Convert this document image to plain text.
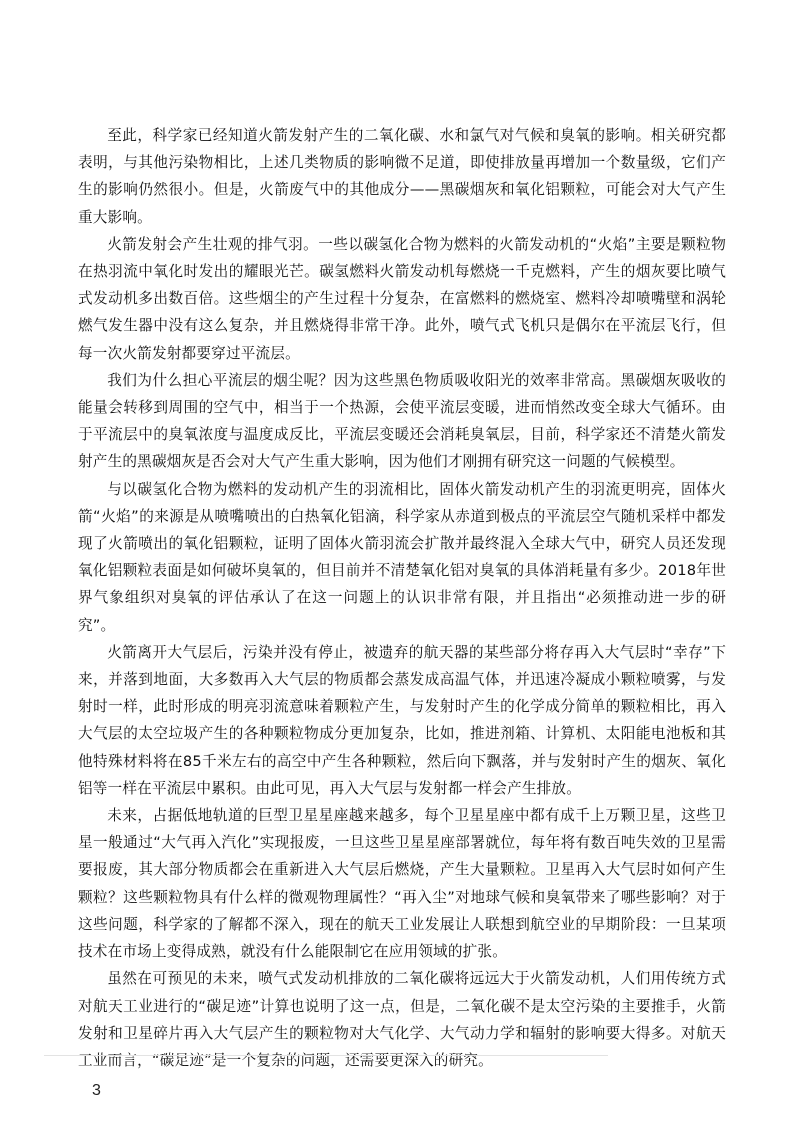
至此，科学家已经知道火箭发射产生的二氧化碳、水和氯气对气候和臭氧的影响。相关研究都表明，与其他污染物相比，上述几类物质的影响微不足道，即使排放量再增加一个数量级，它们产生的影响仍然很小。但是，火箭废气中的其他成分——黑碳烟灰和氧化铝颗粒，可能会对大气产生重大影响。

火箭发射会产生壮观的排气羽。一些以碳氢化合物为燃料的火箭发动机的“火焰”主要是颗粒物在热羽流中氧化时发出的耀眼光芒。碳氢燃料火箭发动机每燃烧一千克燃料，产生的烟灰要比喷气式发动机多出数百倍。这些烟尘的产生过程十分复杂，在富燃料的燃烧室、燃料冷却喷嘴壁和涡轮燃气发生器中没有这么复杂，并且燃烧得非常干净。此外，喷气式飞机只是偶尔在平流层飞行，但每一次火箭发射都要穿过平流层。

我们为什么担心平流层的烟尘呢？因为这些黑色物质吸收阳光的效率非常高。黑碳烟灰吸收的能量会转移到周围的空气中，相当于一个热源，会使平流层变暖，进而悄然改变全球大气循环。由于平流层中的臭氧浓度与温度成反比，平流层变暖还会消耗臭氧层，目前，科学家还不清楚火箭发射产生的黑碳烟灰是否会对大气产生重大影响，因为他们才刚拥有研究这一问题的气候模型。

与以碳氢化合物为燃料的发动机产生的羽流相比，固体火箭发动机产生的羽流更明亮，固体火箭“火焰”的来源是从喷嘴喷出的白热氧化铝滴，科学家从赤道到极点的平流层空气随机采样中都发现了火箭喷出的氧化铝颗粒，证明了固体火箭羽流会扩散并最终混入全球大气中，研究人员还发现氧化铝颗粒表面是如何破坏臭氧的，但目前并不清楚氧化铝对臭氧的具体消耗量有多少。2018年世界气象组织对臭氧的评估承认了在这一问题上的认识非常有限，并且指出“必须推动进一步的研究”。

火箭离开大气层后，污染并没有停止，被遗弃的航天器的某些部分将存再入大气层时“幸存”下来，并落到地面，大多数再入大气层的物质都会蒸发成高温气体，并迅速冷凝成小颗粒喷雾，与发射时一样，此时形成的明亮羽流意味着颗粒产生，与发射时产生的化学成分简单的颗粒相比，再入大气层的太空垃圾产生的各种颗粒物成分更加复杂，比如，推进剂箱、计算机、太阳能电池板和其他特殊材料将在85千米左右的高空中产生各种颗粒，然后向下飘落，并与发射时产生的烟灰、氧化铝等一样在平流层中累积。由此可见，再入大气层与发射都一样会产生排放。

未来，占据低地轨道的巨型卫星星座越来越多，每个卫星星座中都有成千上万颗卫星，这些卫星一般通过“大气再入汽化”实现报废，一旦这些卫星星座部署就位，每年将有数百吨失效的卫星需要报废，其大部分物质都会在重新进入大气层后燃烧，产生大量颗粒。卫星再入大气层时如何产生颗粒？这些颗粒物具有什么样的微观物理属性？“再入尘”对地球气候和臭氧带来了哪些影响？对于这些问题，科学家的了解都不深入，现在的航天工业发展让人联想到航空业的早期阶段：一旦某项技术在市场上变得成熟，就没有什么能限制它在应用领域的扩张。

虽然在可预见的未来，喷气式发动机排放的二氧化碳将远远大于火箭发动机，人们用传统方式对航天工业进行的“碳足迹”计算也说明了这一点，但是，二氧化碳不是太空污染的主要推手，火箭发射和卫星碎片再入大气层产生的颗粒物对大气化学、大气动力学和辐射的影响要大得多。对航天工业而言，“碳足迹”是一个复杂的问题，还需要更深入的研究。

3
